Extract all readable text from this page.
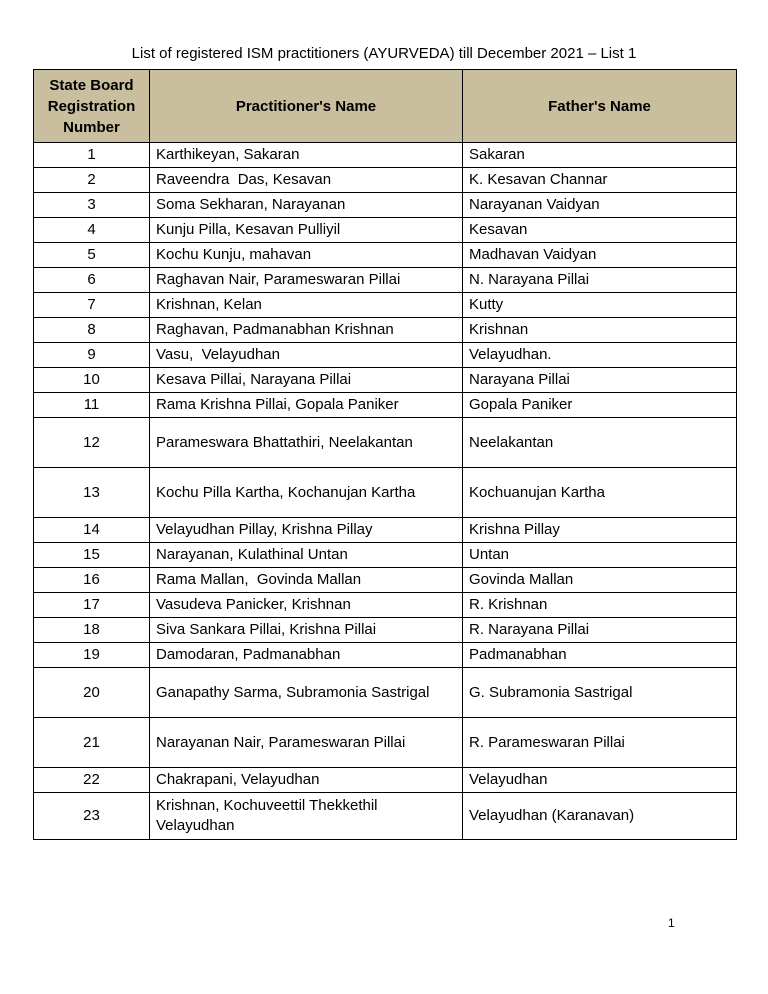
List of registered ISM practitioners (AYURVEDA) till December 2021 – List 1
State Board Registration Number	Practitioner's Name	Father's Name
1	Karthikeyan, Sakaran	Sakaran
2	Raveendra  Das, Kesavan	K. Kesavan Channar
3	Soma Sekharan, Narayanan	Narayanan Vaidyan
4	Kunju Pilla, Kesavan Pulliyil	Kesavan
5	Kochu Kunju, mahavan	Madhavan Vaidyan
6	Raghavan Nair, Parameswaran Pillai	N. Narayana Pillai
7	Krishnan, Kelan	Kutty
8	Raghavan, Padmanabhan Krishnan	Krishnan
9	Vasu,  Velayudhan	Velayudhan.
10	Kesava Pillai, Narayana Pillai	Narayana Pillai
11	Rama Krishna Pillai, Gopala Paniker	Gopala Paniker
12	Parameswara Bhattathiri, Neelakantan	Neelakantan
13	Kochu Pilla Kartha, Kochanujan Kartha	Kochuanujan Kartha
14	Velayudhan Pillay, Krishna Pillay	Krishna Pillay
15	Narayanan, Kulathinal Untan	Untan
16	Rama Mallan,  Govinda Mallan	Govinda Mallan
17	Vasudeva Panicker, Krishnan	R. Krishnan
18	Siva Sankara Pillai, Krishna Pillai	R. Narayana Pillai
19	Damodaran, Padmanabhan	Padmanabhan
20	Ganapathy Sarma, Subramonia Sastrigal	G. Subramonia Sastrigal
21	Narayanan Nair, Parameswaran Pillai	R. Parameswaran Pillai
22	Chakrapani, Velayudhan	Velayudhan
23	Krishnan, Kochuveettil Thekkethil Velayudhan	Velayudhan (Karanavan)
1
